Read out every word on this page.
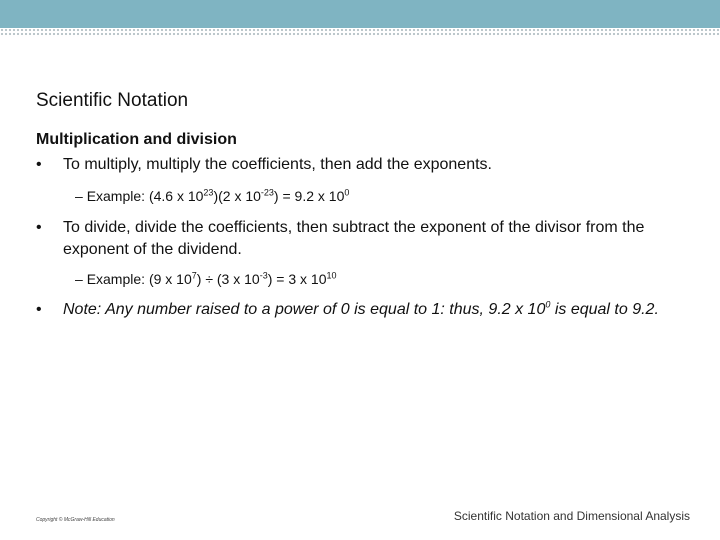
Scientific Notation
Multiplication and division
• To multiply, multiply the coefficients, then add the exponents.
– Example: (4.6 x $10^{23})(2$ x $10^{-23}) = 9.2$ x $10^0$
• To divide, divide the coefficients, then subtract the exponent of the divisor from the exponent of the dividend.
– Example: (9 x $10^7) \div (3$ x $10^{-3}) = 3$ x $10^{10}$
• Note: Any number raised to a power of 0 is equal to 1: thus, 9.2 x $10^0$ is equal to 9.2.
Copyright © McGraw-Hill Education	Scientific Notation and Dimensional Analysis
